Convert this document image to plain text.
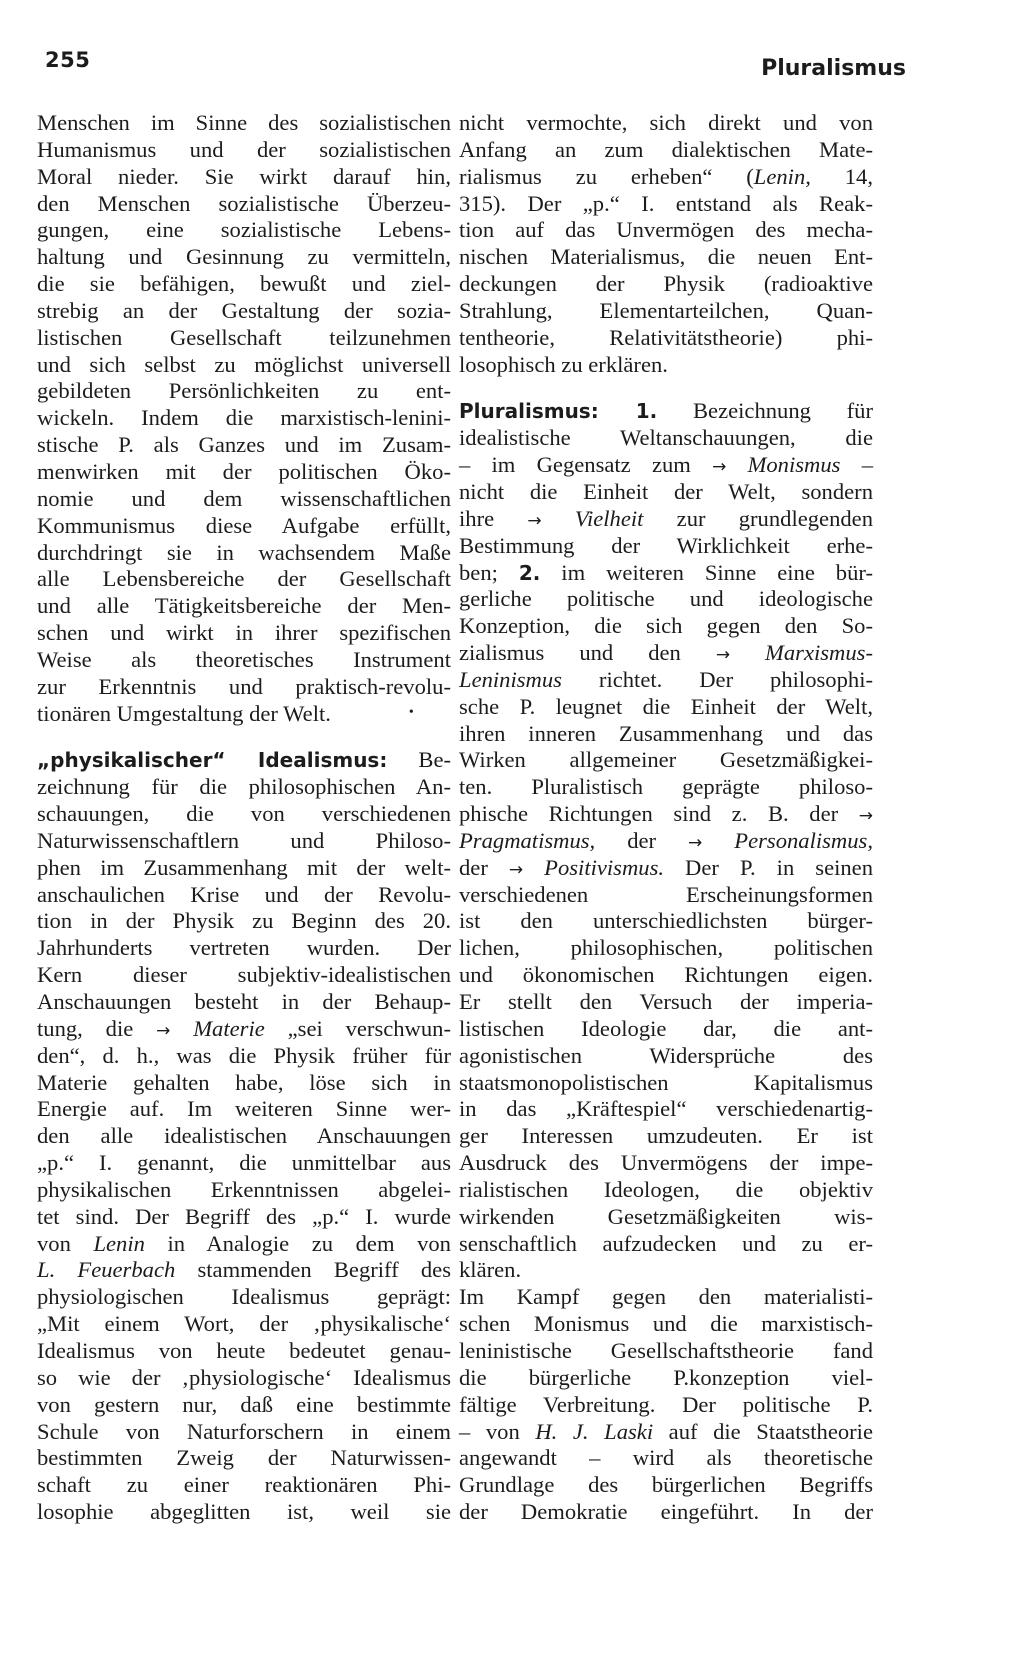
255	Pluralismus
Menschen im Sinne des sozialistischen
Humanismus und der sozialistischen
Moral nieder. Sie wirkt darauf hin,
den Menschen sozialistische Überzeu-
gungen, eine sozialistische Lebens-
haltung und Gesinnung zu vermitteln,
die sie befähigen, bewußt und ziel-
strebig an der Gestaltung der sozia-
listischen Gesellschaft teilzunehmen
und sich selbst zu möglichst universell
gebildeten Persönlichkeiten zu ent-
wickeln. Indem die marxistisch-lenini-
stische P. als Ganzes und im Zusam-
menwirken mit der politischen Öko-
nomie und dem wissenschaftlichen
Kommunismus diese Aufgabe erfüllt,
durchdringt sie in wachsendem Maße
alle Lebensbereiche der Gesellschaft
und alle Tätigkeitsbereiche der Men-
schen und wirkt in ihrer spezifischen
Weise als theoretisches Instrument
zur Erkenntnis und praktisch-revolu-
tionären Umgestaltung der Welt.	•
„physikalischer“ Idealismus: Be-
zeichnung für die philosophischen An-
schauungen, die von verschiedenen
Naturwissenschaftlern und Philoso-
phen im Zusammenhang mit der welt-
anschaulichen Krise und der Revolu-
tion in der Physik zu Beginn des 20.
Jahrhunderts vertreten wurden. Der
Kern dieser subjektiv-idealistischen
Anschauungen besteht in der Behaup-
tung, die → Materie „sei verschwun-
den“, d. h., was die Physik früher für
Materie gehalten habe, löse sich in
Energie auf. Im weiteren Sinne wer-
den alle idealistischen Anschauungen
„p.“ I. genannt, die unmittelbar aus
physikalischen Erkenntnissen abgelei-
tet sind. Der Begriff des „p.“ I. wurde
von Lenin in Analogie zu dem von
L. Feuerbach stammenden Begriff des
physiologischen Idealismus geprägt:
„Mit einem Wort, der ‚physikalische‘
Idealismus von heute bedeutet genau-
so wie der ‚physiologische‘ Idealismus
von gestern nur, daß eine bestimmte
Schule von Naturforschern in einem
bestimmten Zweig der Naturwissen-
schaft zu einer reaktionären Phi-
losophie abgeglitten ist, weil sie
nicht vermochte, sich direkt und von
Anfang an zum dialektischen Mate-
rialismus zu erheben“ (Lenin, 14,
315). Der „p.“ I. entstand als Reak-
tion auf das Unvermögen des mecha-
nischen Materialismus, die neuen Ent-
deckungen der Physik (radioaktive
Strahlung, Elementarteilchen, Quan-
tentheorie, Relativitätstheorie) phi-
losophisch zu erklären.
Pluralismus: 1. Bezeichnung für
idealistische Weltanschauungen, die
– im Gegensatz zum → Monismus –
nicht die Einheit der Welt, sondern
ihre → Vielheit zur grundlegenden
Bestimmung der Wirklichkeit erhe-
ben; 2. im weiteren Sinne eine bür-
gerliche politische und ideologische
Konzeption, die sich gegen den So-
zialismus und den → Marxismus-
Leninismus richtet. Der philosophi-
sche P. leugnet die Einheit der Welt,
ihren inneren Zusammenhang und das
Wirken allgemeiner Gesetzmäßigkei-
ten. Pluralistisch geprägte philoso-
phische Richtungen sind z. B. der →
Pragmatismus, der → Personalismus,
der → Positivismus. Der P. in seinen
verschiedenen Erscheinungsformen
ist den unterschiedlichsten bürger-
lichen, philosophischen, politischen
und ökonomischen Richtungen eigen.
Er stellt den Versuch der imperia-
listischen Ideologie dar, die ant-
agonistischen Widersprüche des
staatsmonopolistischen Kapitalismus
in das „Kräftespiel“ verschiedenartig-
ger Interessen umzudeuten. Er ist
Ausdruck des Unvermögens der impe-
rialistischen Ideologen, die objektiv
wirkenden Gesetzmäßigkeiten wis-
senschaftlich aufzudecken und zu er-
klären.
Im Kampf gegen den materialisti-
schen Monismus und die marxistisch-
leninistische Gesellschaftstheorie fand
die bürgerliche P.konzeption viel-
fältige Verbreitung. Der politische P.
– von H. J. Laski auf die Staatstheorie
angewandt – wird als theoretische
Grundlage des bürgerlichen Begriffs
der Demokratie eingeführt. In der
